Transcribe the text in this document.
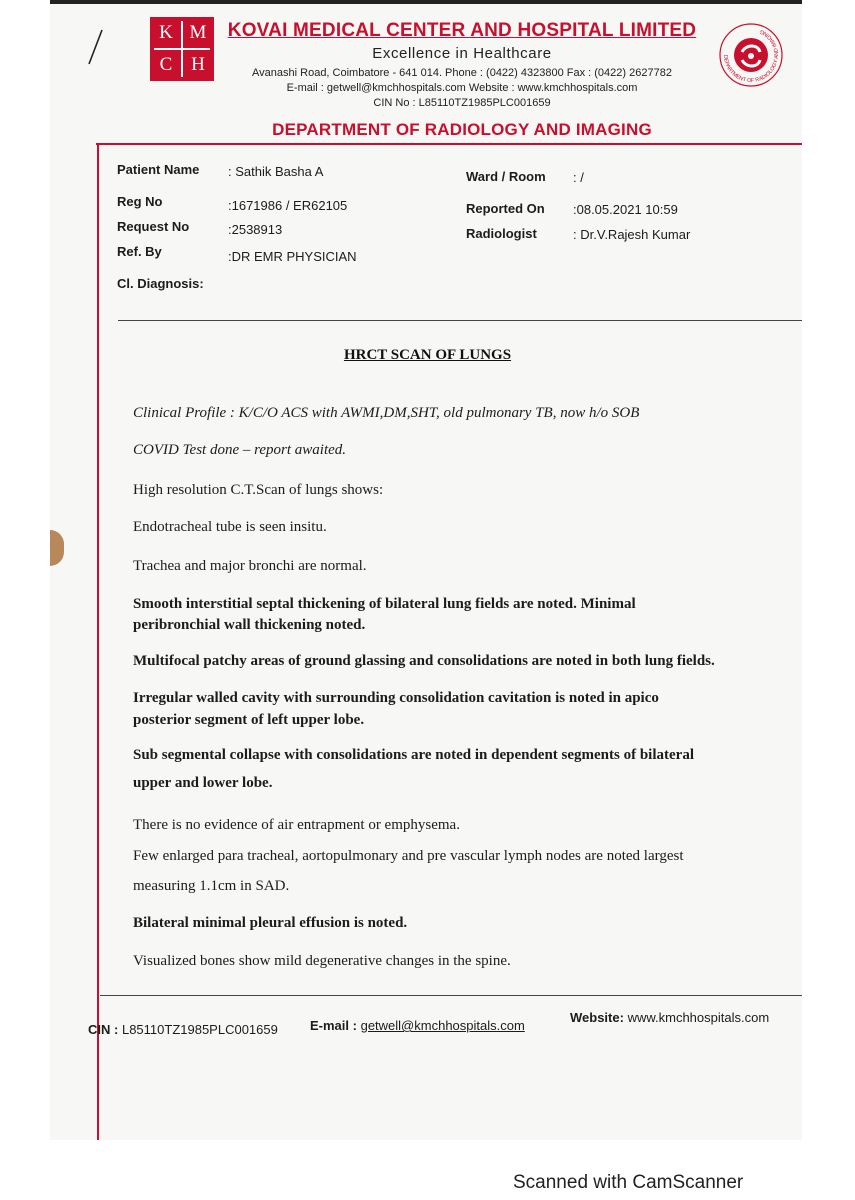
K M
C H
KOVAI MEDICAL CENTER AND HOSPITAL LIMITED
Excellence in Healthcare
Avanashi Road, Coimbatore - 641 014. Phone : (0422) 4323800 Fax : (0422) 2627782
E-mail : getwell@kmchhospitals.com Website : www.kmchhospitals.com
CIN No : L85110TZ1985PLC001659
DEPARTMENT OF RADIOLOGY AND IMAGING
DEPARTMENT OF RADIOLOGY AND IMAGING
Patient Name : Sathik Basha A
Reg No	:1671986 / ER62105
Request No	:2538913
Ref. By	:DR EMR PHYSICIAN
Cl. Diagnosis:
Ward / Room : /
Reported On :08.05.2021 10:59
Radiologist	: Dr.V.Rajesh Kumar
HRCT SCAN OF LUNGS
Clinical Profile : K/C/O ACS with AWMI,DM,SHT, old pulmonary TB, now h/o SOB
COVID Test done – report awaited.
High resolution C.T.Scan of lungs shows:
Endotracheal tube is seen insitu.
Trachea and major bronchi are normal.
Smooth interstitial septal thickening of bilateral lung fields are noted. Minimal
peribronchial wall thickening noted.
Multifocal patchy areas of ground glassing and consolidations are noted in both lung fields.
Irregular walled cavity with surrounding consolidation cavitation is noted in apico
posterior segment of left upper lobe.
Sub segmental collapse with consolidations are noted in dependent segments of bilateral
upper and lower lobe.
There is no evidence of air entrapment or emphysema.
Few enlarged para tracheal, aortopulmonary and pre vascular lymph nodes are noted largest
measuring 1.1cm in SAD.
Bilateral minimal pleural effusion is noted.
Visualized bones show mild degenerative changes in the spine.
CIN : L85110TZ1985PLC001659 E-mail : getwell@kmchhospitals.com
Website: www.kmchhospitals.com
Scanned with CamScanner
